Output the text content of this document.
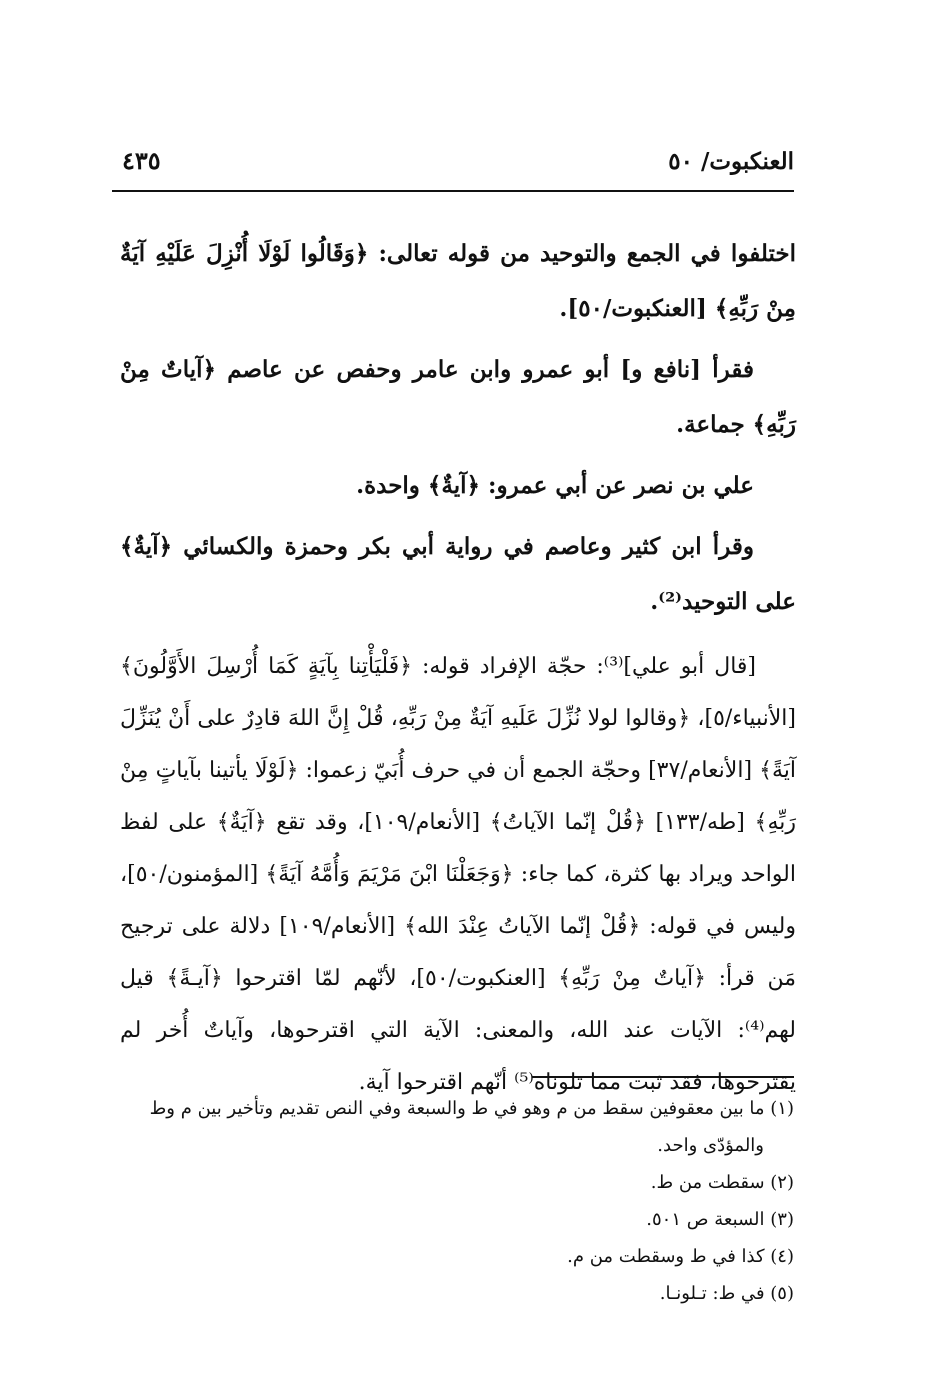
العنكبوت/ ٥٠
٤٣٥

اختلفوا في الجمع والتوحيد من قوله تعالى: ﴿وَقَالُوا لَوْلَا أُنْزِلَ عَلَيْهِ آيَةٌ مِنْ رَبِّهِ﴾ [العنكبوت/٥٠].

فقرأ [نافع و] أبو عمرو وابن عامر وحفص عن عاصم ﴿آياتٌ مِنْ رَبِّهِ﴾ جماعة.

علي بن نصر عن أبي عمرو: ﴿آيةٌ﴾ واحدة.

وقرأ ابن كثير وعاصم في رواية أبي بكر وحمزة والكسائي ﴿آيةٌ﴾ على التوحيد⁽²⁾.

[قال أبو علي]⁽³⁾: حجّة الإفراد قوله: ﴿فَلْيَأْتِنا بِآيَةٍ كَمَا أُرْسِلَ الأَوَّلُونَ﴾ [الأنبياء/٥]، ﴿وقالوا لولا نُزِّلَ عَلَيهِ آيَةٌ مِنْ رَبِّهِ، قُلْ إِنَّ اللهَ قادِرٌ على أَنْ يُنَزِّلَ آيَةً﴾ [الأنعام/٣٧] وحجّة الجمع أن في حرف أُبَيّ زعموا: ﴿لَوْلَا يأتينا بآياتٍ مِنْ رَبِّهِ﴾ [طه/١٣٣] ﴿قُلْ إنّما الآياتُ﴾ [الأنعام/١٠٩]، وقد تقع ﴿آيَةٌ﴾ على لفظ الواحد ويراد بها كثرة، كما جاء: ﴿وَجَعَلْنَا ابْنَ مَرْيَمَ وَأُمَّهُ آيَةً﴾ [المؤمنون/٥٠]، وليس في قوله: ﴿قُلْ إنّما الآياتُ عِنْدَ الله﴾ [الأنعام/١٠٩] دلالة على ترجيح مَن قرأ: ﴿آياتٌ مِنْ رَبِّهِ﴾ [العنكبوت/٥٠]، لأنّهم لمّا اقترحوا ﴿آيـةً﴾ قيل لهم⁽⁴⁾: الآيات عند الله، والمعنى: الآية التي اقترحوها، وآياتٌ أُخر لم يقترحوها، فقد ثبت مما تلوناه⁽⁵⁾ أنّهم اقترحوا آية.

(١) ما بين معقوفين سقط من م وهو في ط والسبعة وفي النص تقديم وتأخير بين م وط والمؤدّى واحد.

(٢) سقطت من ط.

(٣) السبعة ص ٥٠١.

(٤) كذا في ط وسقطت من م.

(٥) في ط: تـلونـا.
